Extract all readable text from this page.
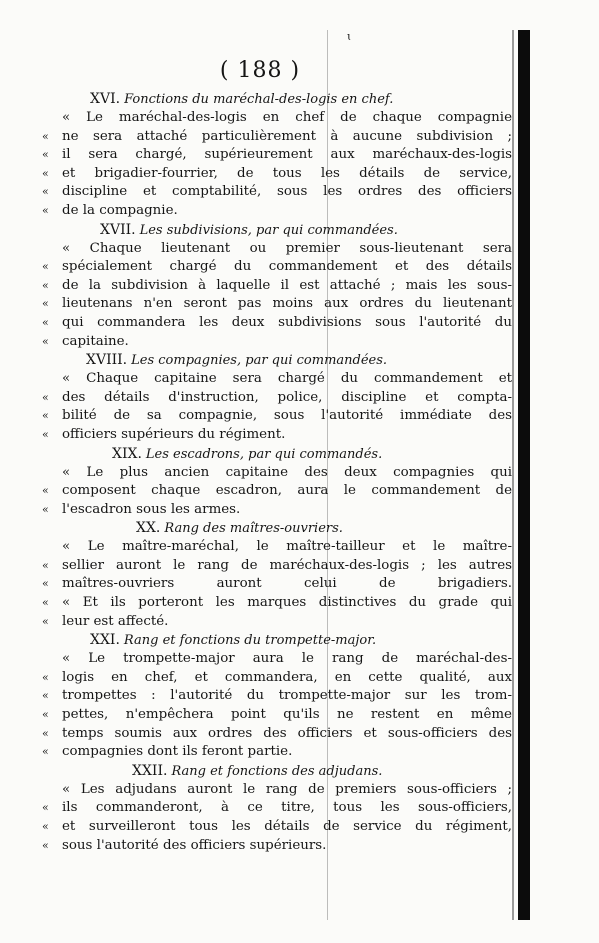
ɩ
( 188 )
XVI. Fonctions du maréchal-des-logis en chef.
« Le maréchal-des-logis en chef de chaque compagnie
« ne sera attaché particulièrement à aucune subdivision ;
« il sera chargé, supérieurement aux maréchaux-des-logis
« et brigadier-fourrier, de tous les détails de service,
« discipline et comptabilité, sous les ordres des officiers
« de la compagnie.
XVII. Les subdivisions, par qui commandées.
« Chaque lieutenant ou premier sous-lieutenant sera
« spécialement chargé du commandement et des détails
« de la subdivision à laquelle il est attaché ; mais les sous-
« lieutenans n'en seront pas moins aux ordres du lieutenant
« qui commandera les deux subdivisions sous l'autorité du
« capitaine.
XVIII. Les compagnies, par qui commandées.
« Chaque capitaine sera chargé du commandement et
« des détails d'instruction, police, discipline et compta-
« bilité de sa compagnie, sous l'autorité immédiate des
« officiers supérieurs du régiment.
XIX. Les escadrons, par qui commandés.
« Le plus ancien capitaine des deux compagnies qui
« composent chaque escadron, aura le commandement de
« l'escadron sous les armes.
XX. Rang des maîtres-ouvriers.
« Le maître-maréchal, le maître-tailleur et le maître-
« sellier auront le rang de maréchaux-des-logis ; les autres
« maîtres-ouvriers auront celui de brigadiers.
« « Et ils porteront les marques distinctives du grade qui
« leur est affecté.
XXI. Rang et fonctions du trompette-major.
« Le trompette-major aura le rang de maréchal-des-
« logis en chef, et commandera, en cette qualité, aux
« trompettes : l'autorité du trompette-major sur les trom-
« pettes, n'empêchera point qu'ils ne restent en même
« temps soumis aux ordres des officiers et sous-officiers des
« compagnies dont ils feront partie.
XXII. Rang et fonctions des adjudans.
« Les adjudans auront le rang de premiers sous-officiers ;
« ils commanderont, à ce titre, tous les sous-officiers,
« et surveilleront tous les détails de service du régiment,
« sous l'autorité des officiers supérieurs.
